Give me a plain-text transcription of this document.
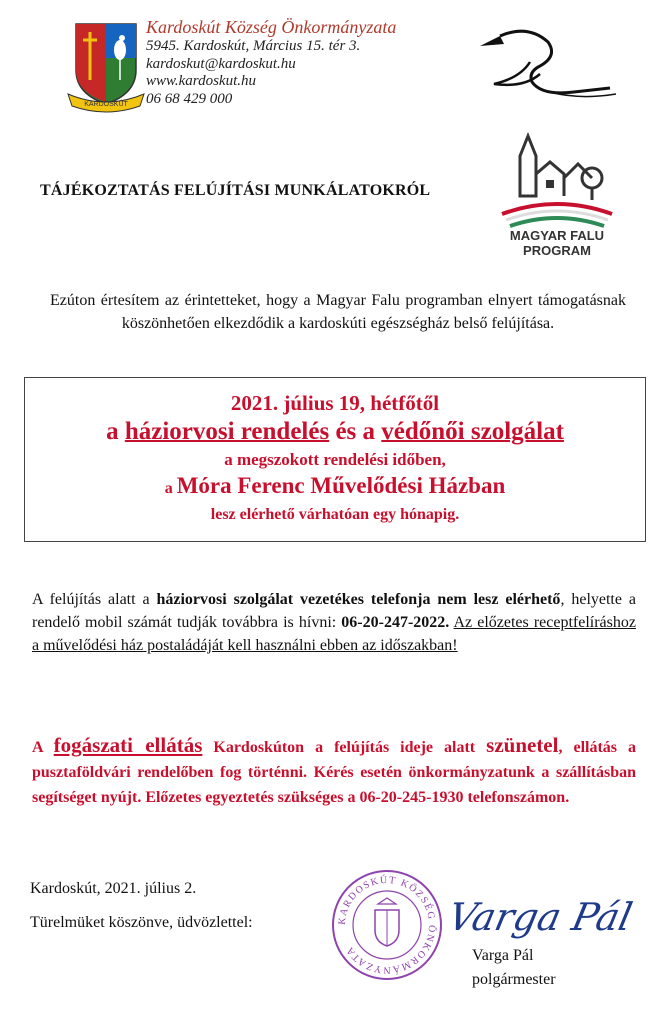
KARDOSKÚT
Kardoskút Község Önkormányzata
5945. Kardoskút, Március 15. tér 3.
kardoskut@kardoskut.hu
www.kardoskut.hu
06 68 429 000
TÁJÉKOZTATÁS FELÚJÍTÁSI MUNKÁLATOKRÓL
MAGYAR FALU
PROGRAM
Ezúton értesítem az érintetteket, hogy a Magyar Falu programban elnyert támogatásnak köszönhetően elkezdődik a kardoskúti egészségház belső felújítása.
2021. július 19, hétfőtől
a háziorvosi rendelés és a védőnői szolgálat
a megszokott rendelési időben,
a Móra Ferenc Művelődési Házban
lesz elérhető várhatóan egy hónapig.
A felújítás alatt a háziorvosi szolgálat vezetékes telefonja nem lesz elérhető, helyette a rendelő mobil számát tudják továbbra is hívni: 06-20-247-2022. Az előzetes receptfelíráshoz a művelődési ház postaládáját kell használni ebben az időszakban!
A fogászati ellátás Kardoskúton a felújítás ideje alatt szünetel, ellátás a pusztaföldvári rendelőben fog történni. Kérés esetén önkormányzatunk a szállításban segítséget nyújt. Előzetes egyeztetés szükséges a 06-20-245-1930 telefonszámon.
Kardoskút, 2021. július 2.
Türelmüket köszönve, üdvözlettel:	KARDOSKÚT KÖZSÉG ÖNKORMÁNYZATA
Varga Pál
Varga Pál
polgármester
